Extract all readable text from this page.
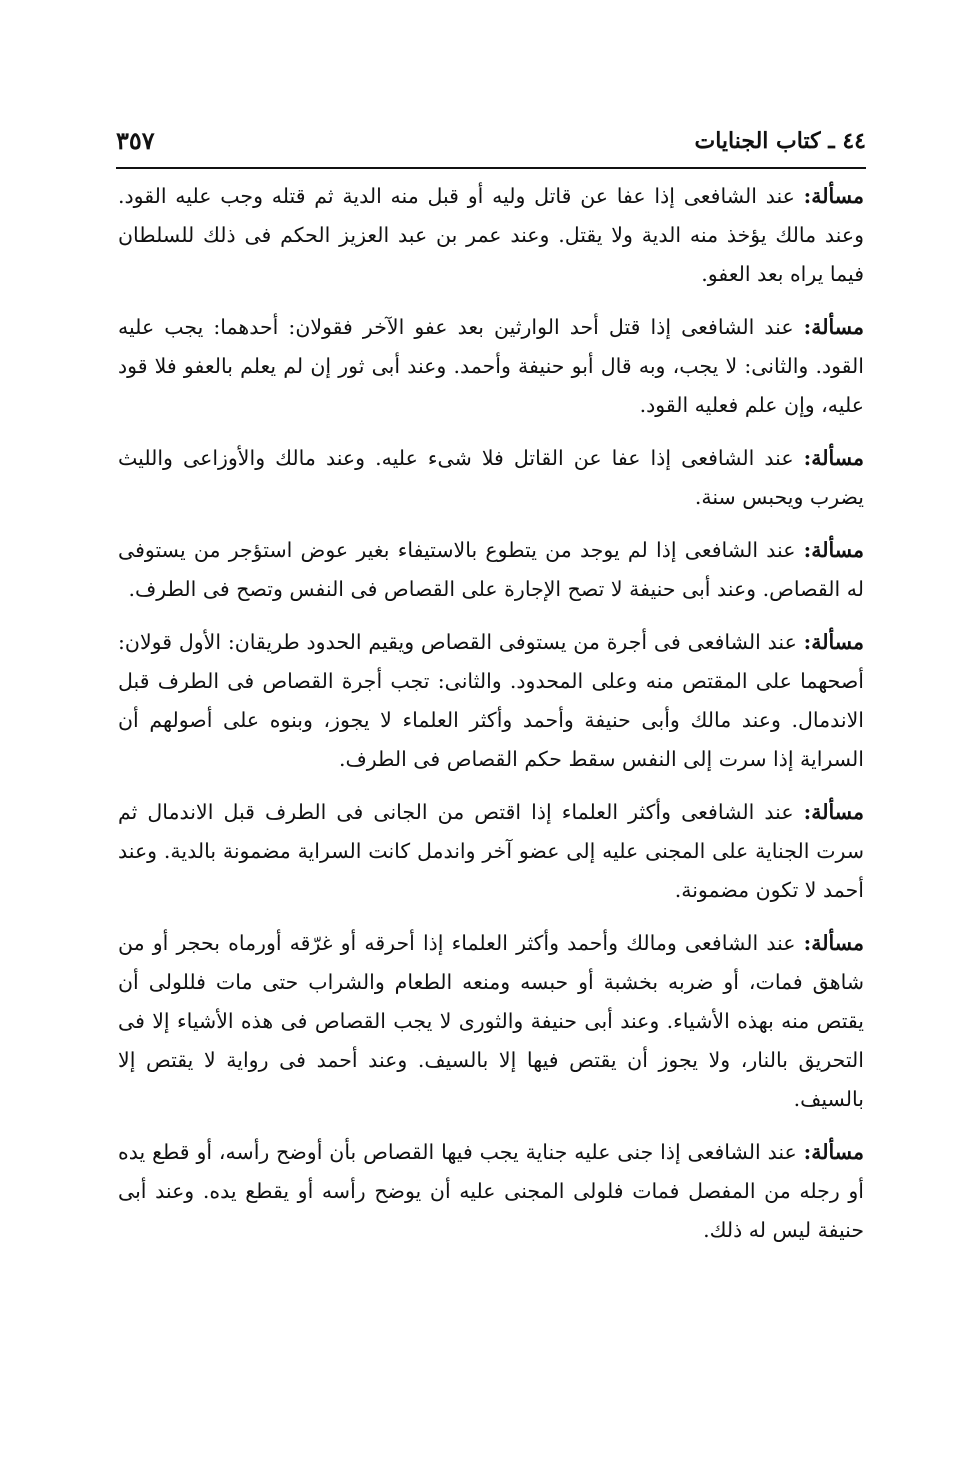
٤٤ ـ كتاب الجنايات
٣٥٧

مسألة: عند الشافعى إذا عفا عن قاتل وليه أو قبل منه الدية ثم قتله وجب عليه القود. وعند مالك يؤخذ منه الدية ولا يقتل. وعند عمر بن عبد العزيز الحكم فى ذلك للسلطان فيما يراه بعد العفو.

مسألة: عند الشافعى إذا قتل أحد الوارثين بعد عفو الآخر فقولان: أحدهما: يجب عليه القود. والثانى: لا يجب، وبه قال أبو حنيفة وأحمد. وعند أبى ثور إن لم يعلم بالعفو فلا قود عليه، وإن علم فعليه القود.

مسألة: عند الشافعى إذا عفا عن القاتل فلا شىء عليه. وعند مالك والأوزاعى والليث يضرب ويحبس سنة.

مسألة: عند الشافعى إذا لم يوجد من يتطوع بالاستيفاء بغير عوض استؤجر من يستوفى له القصاص. وعند أبى حنيفة لا تصح الإجارة على القصاص فى النفس وتصح فى الطرف.

مسألة: عند الشافعى فى أجرة من يستوفى القصاص ويقيم الحدود طريقان: الأول قولان: أصحهما على المقتص منه وعلى المحدود. والثانى: تجب أجرة القصاص فى الطرف قبل الاندمال. وعند مالك وأبى حنيفة وأحمد وأكثر العلماء لا يجوز، وبنوه على أصولهم أن السراية إذا سرت إلى النفس سقط حكم القصاص فى الطرف.

مسألة: عند الشافعى وأكثر العلماء إذا اقتص من الجانى فى الطرف قبل الاندمال ثم سرت الجناية على المجنى عليه إلى عضو آخر واندمل كانت السراية مضمونة بالدية. وعند أحمد لا تكون مضمونة.

مسألة: عند الشافعى ومالك وأحمد وأكثر العلماء إذا أحرقه أو غرّقه أورماه بحجر أو من شاهق فمات، أو ضربه بخشبة أو حبسه ومنعه الطعام والشراب حتى مات فللولى أن يقتص منه بهذه الأشياء. وعند أبى حنيفة والثورى لا يجب القصاص فى هذه الأشياء إلا فى التحريق بالنار، ولا يجوز أن يقتص فيها إلا بالسيف. وعند أحمد فى رواية لا يقتص إلا بالسيف.

مسألة: عند الشافعى إذا جنى عليه جناية يجب فيها القصاص بأن أوضح رأسه، أو قطع يده أو رجله من المفصل فمات فلولى المجنى عليه أن يوضح رأسه أو يقطع يده. وعند أبى حنيفة ليس له ذلك.
